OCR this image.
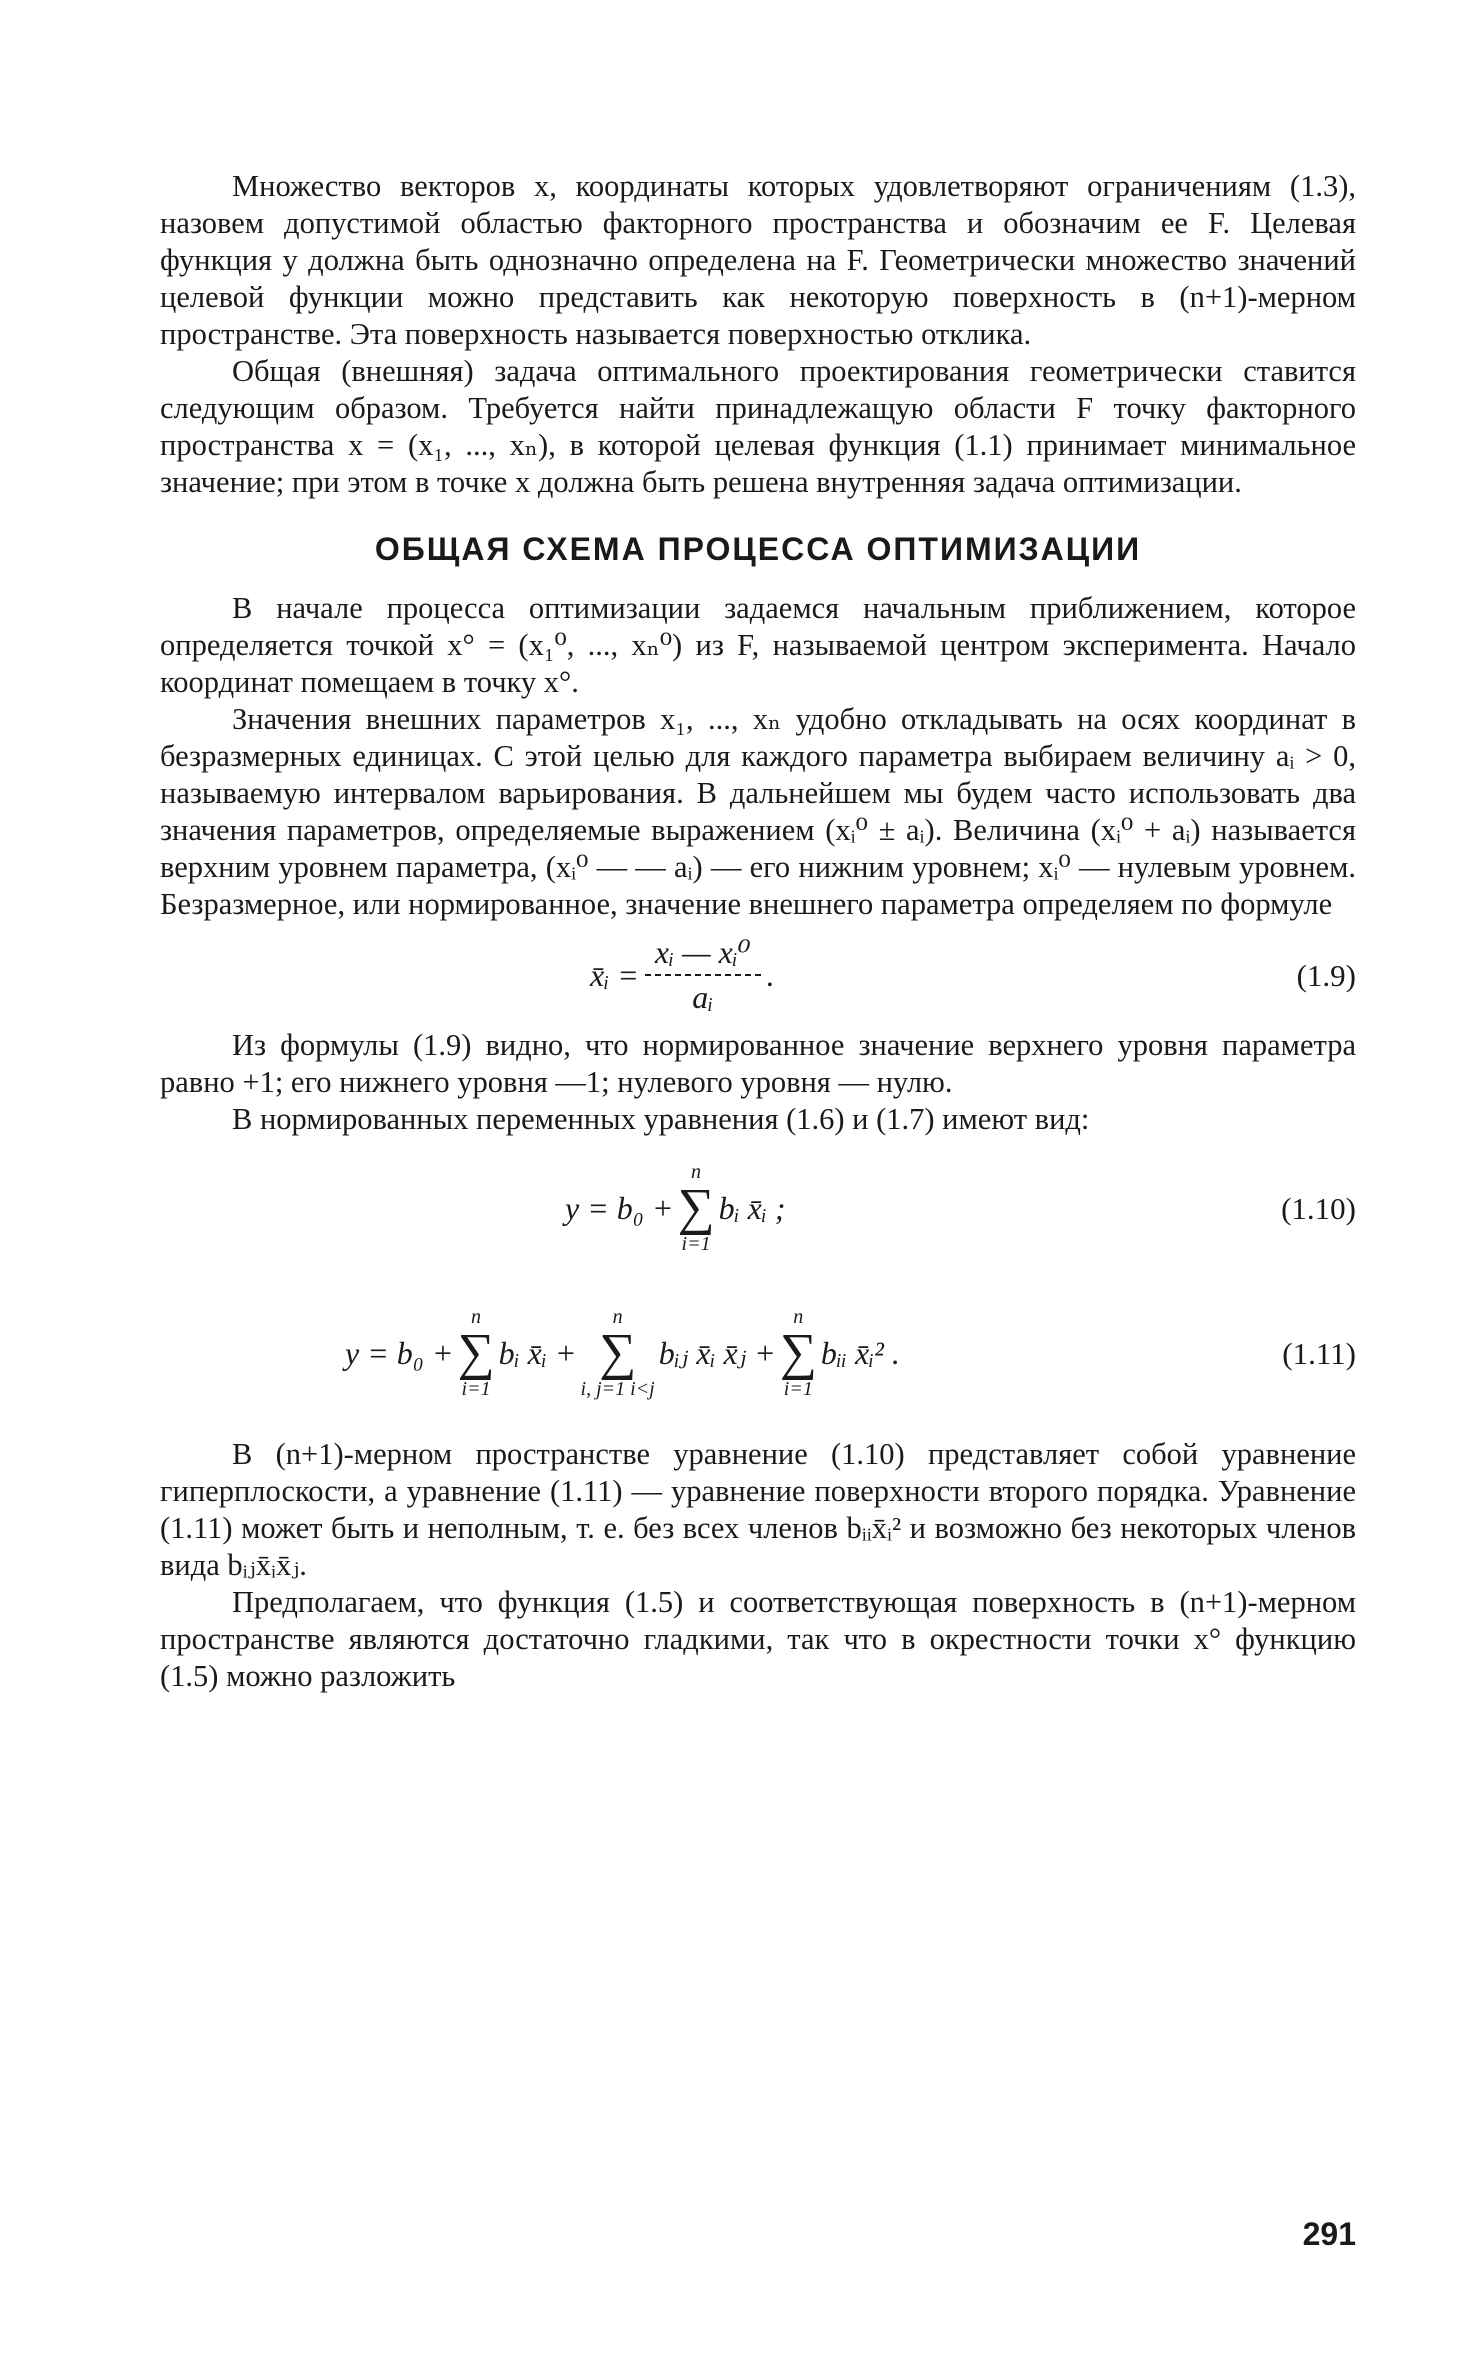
Множество векторов x, координаты которых удовлетворяют ограничениям (1.3), назовем допустимой областью факторного пространства и обозначим ее F. Целевая функция y должна быть однозначно определена на F. Геометрически множество значений целевой функции можно представить как некоторую поверхность в (n+1)-мерном пространстве. Эта поверхность называется поверхностью отклика.

Общая (внешняя) задача оптимального проектирования геометрически ставится следующим образом. Требуется найти принадлежащую области F точку факторного пространства x = (x₁, ..., xₙ), в которой целевая функция (1.1) принимает минимальное значение; при этом в точке x должна быть решена внутренняя задача оптимизации.

ОБЩАЯ СХЕМА ПРОЦЕССА ОПТИМИЗАЦИИ

В начале процесса оптимизации задаемся начальным приближением, которое определяется точкой x° = (x₁⁰, ..., xₙ⁰) из F, называемой центром эксперимента. Начало координат помещаем в точку x°.

Значения внешних параметров x₁, ..., xₙ удобно откладывать на осях координат в безразмерных единицах. С этой целью для каждого параметра выбираем величину aᵢ > 0, называемую интервалом варьирования. В дальнейшем мы будем часто использовать два значения параметров, определяемые выражением (xᵢ⁰ ± aᵢ). Величина (xᵢ⁰ + aᵢ) называется верхним уровнем параметра, (xᵢ⁰ — — aᵢ) — его нижним уровнем; xᵢ⁰ — нулевым уровнем. Безразмерное, или нормированное, значение внешнего параметра определяем по формуле

x̄ᵢ = $\frac{\text{xᵢ — xᵢ⁰}}{\text{aᵢ}}$ .	(1.9)

Из формулы (1.9) видно, что нормированное значение верхнего уровня параметра равно +1; его нижнего уровня —1; нулевого уровня — нулю.

В нормированных переменных уравнения (1.6) и (1.7) имеют вид:

y = b₀ +
n
∑
i=1
bᵢ x̄ᵢ ;	(1.10)
y = b₀ +
n
∑
i=1
bᵢ x̄ᵢ +
n
∑
i, j=1 i<j
bᵢⱼ x̄ᵢ x̄ⱼ +
n
∑
i=1
bᵢᵢ x̄ᵢ² .	(1.11)

В (n+1)-мерном пространстве уравнение (1.10) представляет собой уравнение гиперплоскости, а уравнение (1.11) — уравнение поверхности второго порядка. Уравнение (1.11) может быть и неполным, т. е. без всех членов bᵢᵢx̄ᵢ² и возможно без некоторых членов вида bᵢⱼx̄ᵢx̄ⱼ.

Предполагаем, что функция (1.5) и соответствующая поверхность в (n+1)-мерном пространстве являются достаточно гладкими, так что в окрестности точки x° функцию (1.5) можно разложить

291
